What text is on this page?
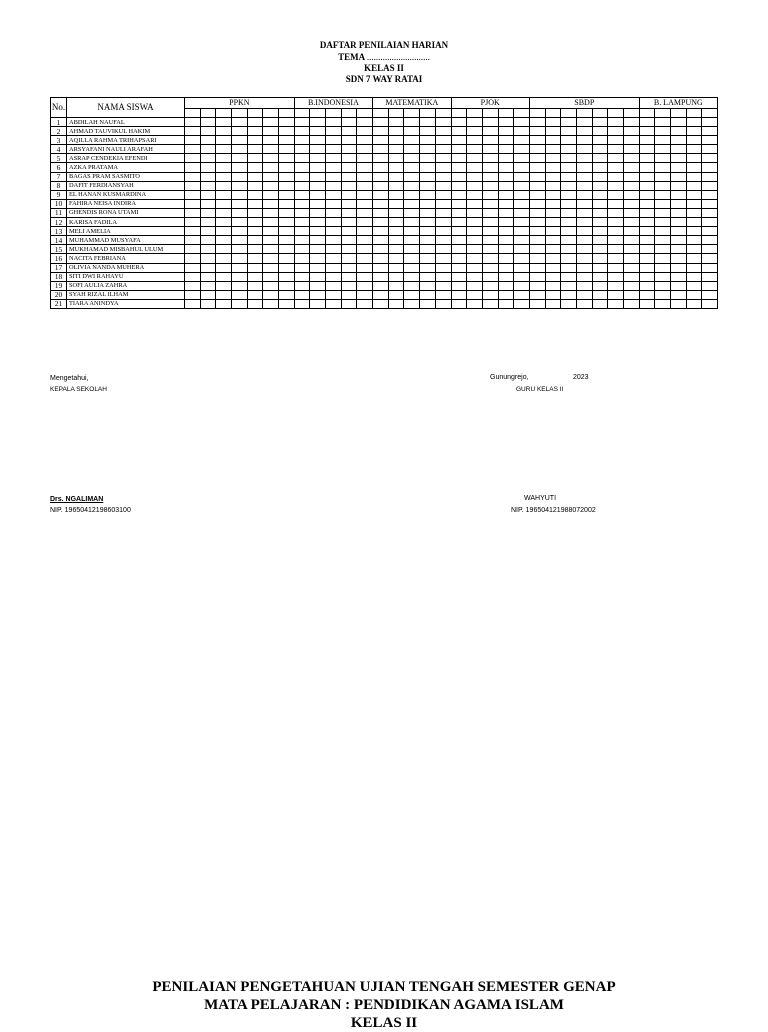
DAFTAR PENILAIAN HARIAN
TEMA ............................
KELAS II
SDN 7 WAY RATAI
No.	NAMA SISWA	PPKN							B.INDONESIA					MATEMATIKA					PJOK					SBDP							B. LAMPUNG				

1	ABDILAH NAUFAL																																		
2	AHMAD TAUVIKUL HAKIM																																		
3	AQILLA RAHMA TRIHAPSARI																																		
4	ARSYAFANI NAULI ARAFAH																																		
5	ASRAP CENDEKIA EFENDI																																		
6	AZKA PRATAMA																																		
7	BAGAS PRAM SASMITO																																		
8	DAFIT FERDIANSYAH																																		
9	EL HANAN KUSMARDINA																																		
10	FAHIRA NEISA INDIRA																																		
11	GHENDIS RONA UTAMI																																		
12	KARISA FADILA																																		
13	MELI AMELIA																																		
14	MUHAMMAD MUSYAFA																																		
15	MUKHAMAD MISBAHUL ULUM																																		
16	NACITA FEBRIANA																																		
17	OLIVIA NANDA MUHERA																																		
18	SITI DWI RAHAYU																																		
19	SOFI AULIA ZAHRA																																		
20	SYAH RIZAL ILHAM																																		
21	TIARA ANINDYA																																		
Mengetahui,
KEPALA SEKOLAH
Gunungrejo,	2023
GURU KELAS II
Drs. NGALIMAN
NIP. 196504121986031​00
WAHYUTI
NIP. 196504121988072002
PENILAIAN PENGETAHUAN UJIAN TENGAH SEMESTER GENAP
MATA PELAJARAN : PENDIDIKAN AGAMA ISLAM
KELAS II
